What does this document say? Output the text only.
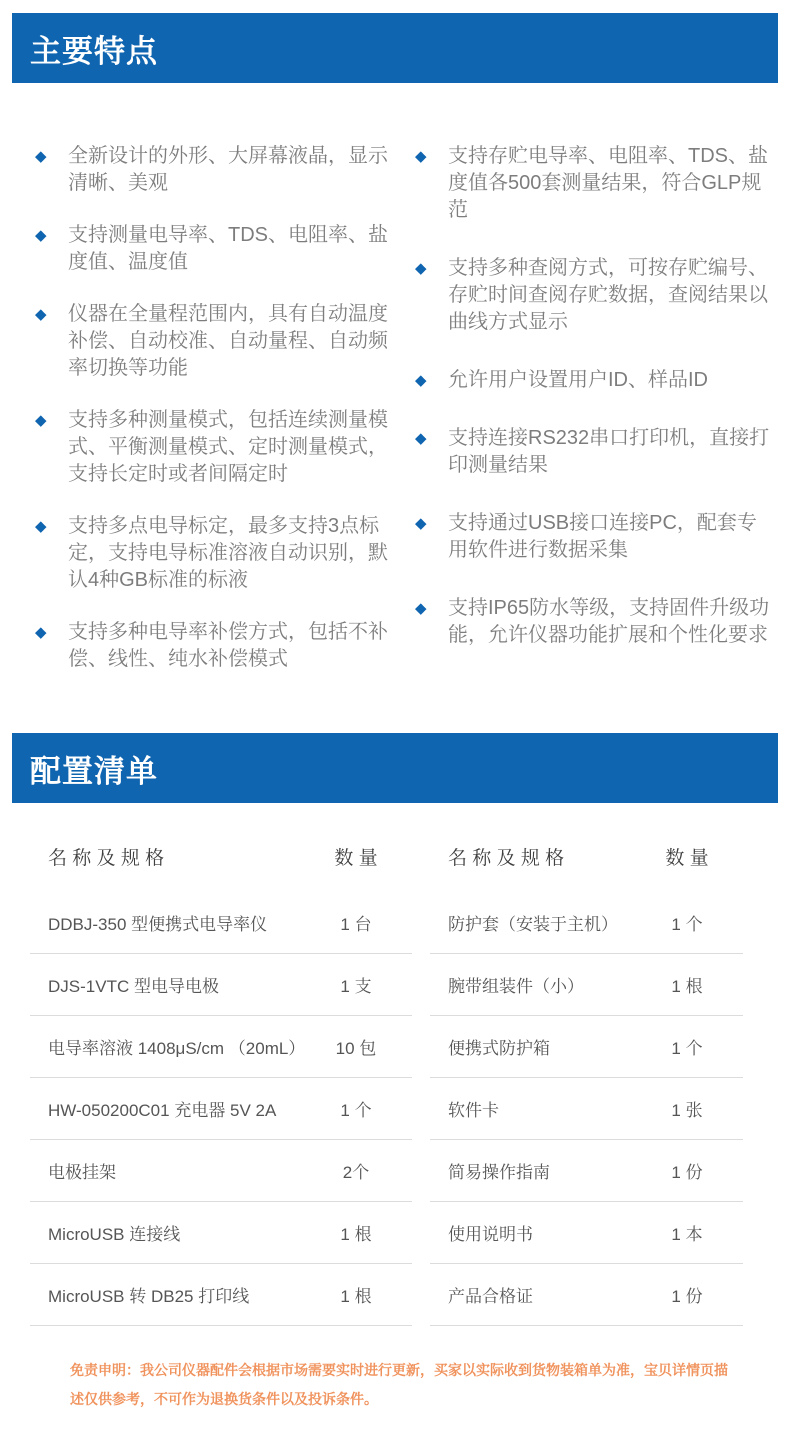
主要特点
◆	全新设计的外形、大屏幕液晶，显示清晰、美观
◆	支持测量电导率、TDS、电阻率、盐度值、温度值
◆	仪器在全量程范围内，具有自动温度补偿、自动校准、自动量程、自动频率切换等功能
◆	支持多种测量模式，包括连续测量模式、平衡测量模式、定时测量模式，支持长定时或者间隔定时
◆	支持多点电导标定，最多支持3点标定，支持电导标准溶液自动识别，默认4种GB标准的标液
◆	支持多种电导率补偿方式，包括不补偿、线性、纯水补偿模式
◆	支持存贮电导率、电阻率、TDS、盐度值各500套测量结果，符合GLP规范
◆	支持多种查阅方式，可按存贮编号、存贮时间查阅存贮数据，查阅结果以曲线方式显示
◆	允许用户设置用户ID、样品ID
◆	支持连接RS232串口打印机，直接打印测量结果
◆	支持通过USB接口连接PC，配套专用软件进行数据采集
◆	支持IP65防水等级，支持固件升级功能，允许仪器功能扩展和个性化要求
配置清单
名 称 及 规 格	数 量
DDBJ-350 型便携式电导率仪	1 台
DJS-1VTC 型电导电极	1 支
电导率溶液 1408μS/cm （20mL）	10 包
HW-050200C01 充电器 5V 2A	1 个
电极挂架	2个
MicroUSB 连接线	1 根
MicroUSB 转 DB25 打印线	1 根
名 称 及 规 格	数 量
防护套（安装于主机）	1 个
腕带组装件（小）	1 根
便携式防护箱	1 个
软件卡	1 张
简易操作指南	1 份
使用说明书	1 本
产品合格证	1 份
免责申明：我公司仪器配件会根据市场需要实时进行更新，买家以实际收到货物装箱单为准，宝贝详情页描述仅供参考，不可作为退换货条件以及投诉条件。
